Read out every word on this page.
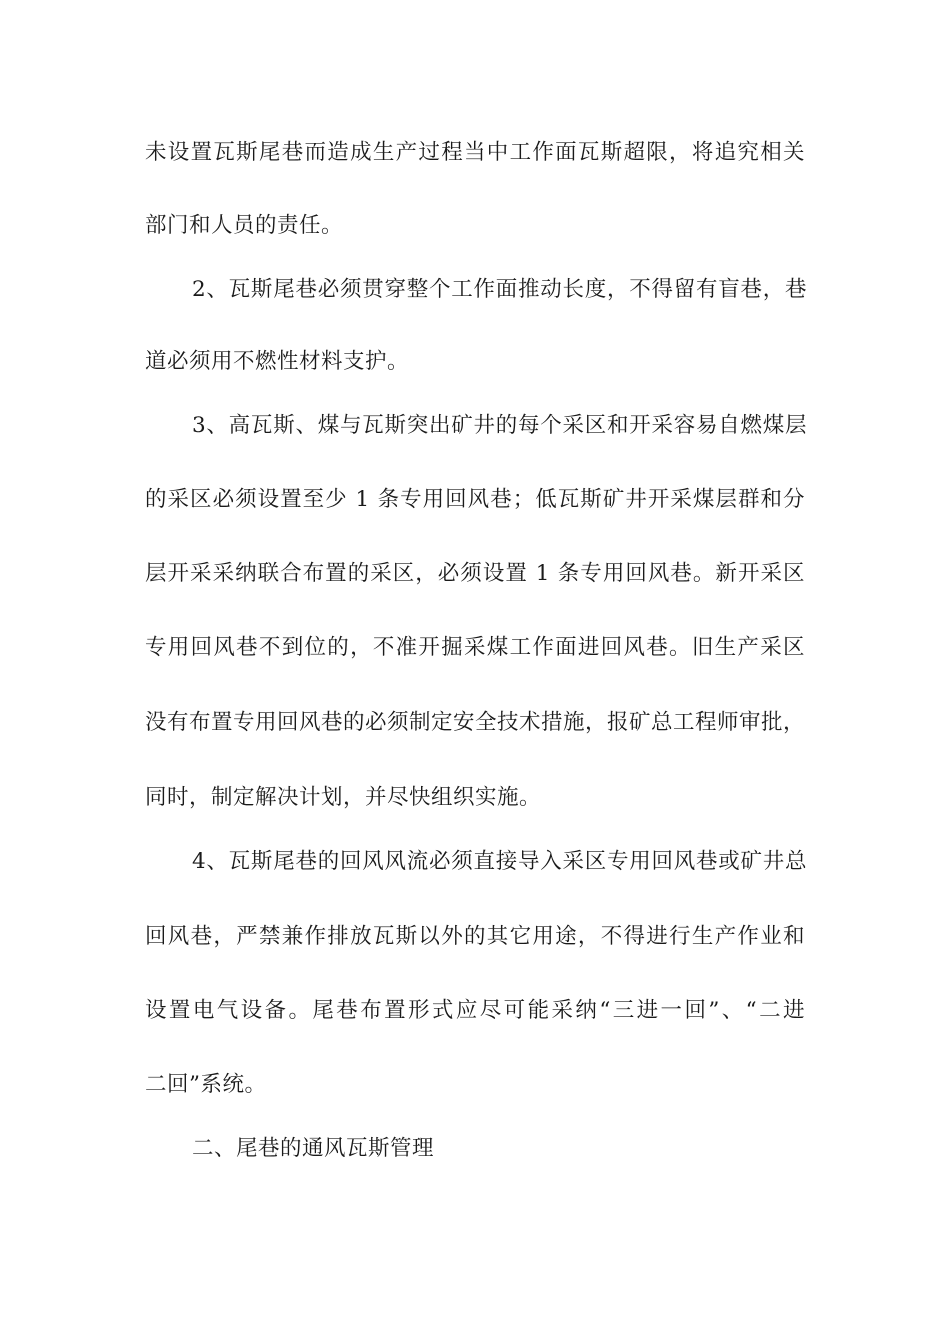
未设置瓦斯尾巷而造成生产过程当中工作面瓦斯超限，将追究相关
部门和人员的责任。
2、瓦斯尾巷必须贯穿整个工作面推动长度，不得留有盲巷，巷
道必须用不燃性材料支护。
3、高瓦斯、煤与瓦斯突出矿井的每个采区和开采容易自燃煤层
的采区必须设置至少 1 条专用回风巷；低瓦斯矿井开采煤层群和分
层开采采纳联合布置的采区，必须设置 1 条专用回风巷。新开采区
专用回风巷不到位的，不准开掘采煤工作面进回风巷。旧生产采区
没有布置专用回风巷的必须制定安全技术措施，报矿总工程师审批，
同时，制定解决计划，并尽快组织实施。
4、瓦斯尾巷的回风风流必须直接导入采区专用回风巷或矿井总
回风巷，严禁兼作排放瓦斯以外的其它用途，不得进行生产作业和
设置电气设备。尾巷布置形式应尽可能采纳“三进一回”、“二进
二回”系统。
二、尾巷的通风瓦斯管理
